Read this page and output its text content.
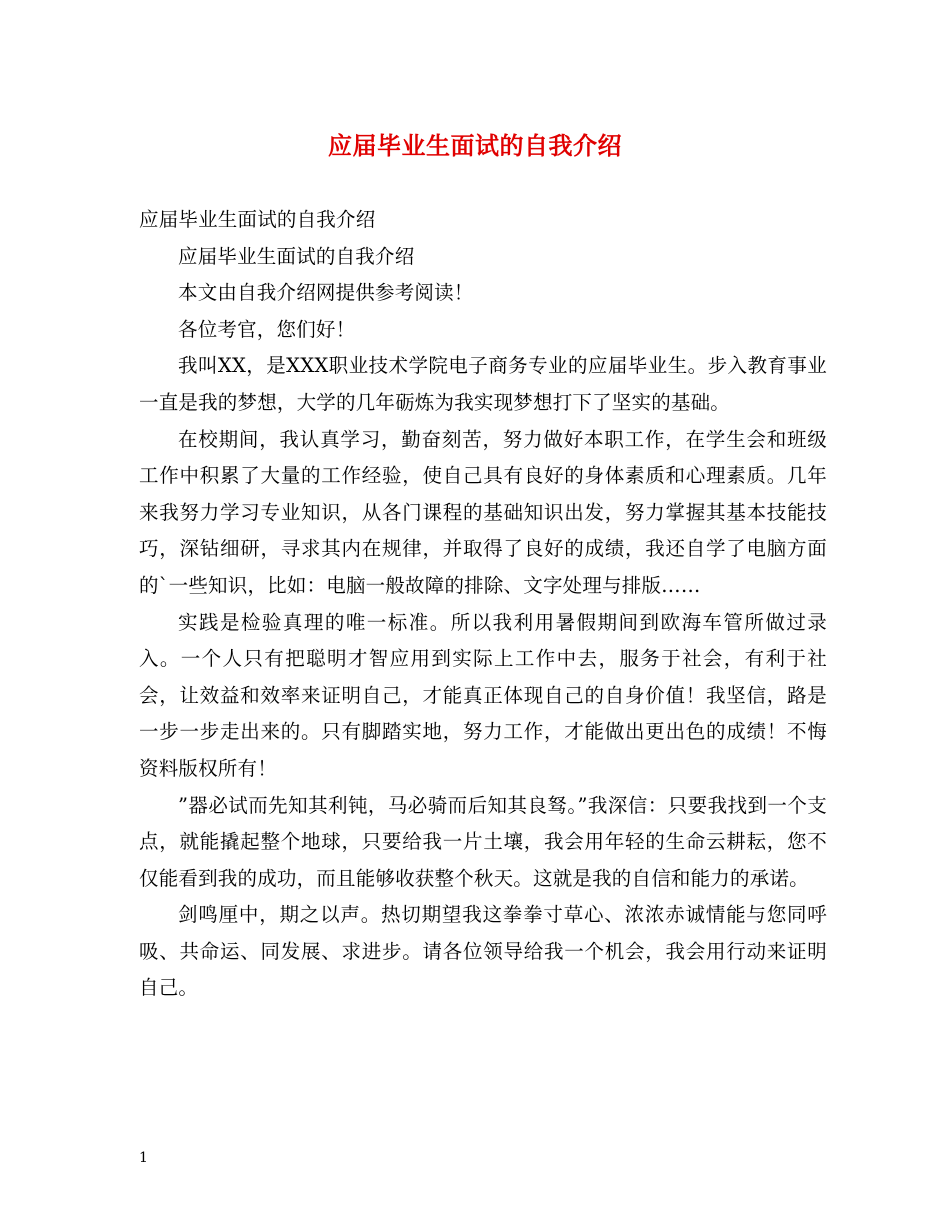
应届毕业生面试的自我介绍

应届毕业生面试的自我介绍

应届毕业生面试的自我介绍

本文由自我介绍网提供参考阅读！

各位考官，您们好！

我叫XX，是XXX职业技术学院电子商务专业的应届毕业生。步入教育事业一直是我的梦想，大学的几年砺炼为我实现梦想打下了坚实的基础。

在校期间，我认真学习，勤奋刻苦，努力做好本职工作，在学生会和班级工作中积累了大量的工作经验，使自己具有良好的身体素质和心理素质。几年来我努力学习专业知识，从各门课程的基础知识出发，努力掌握其基本技能技巧，深钻细研，寻求其内在规律，并取得了良好的成绩，我还自学了电脑方面的`一些知识，比如：电脑一般故障的排除、文字处理与排版……

实践是检验真理的唯一标准。所以我利用暑假期间到欧海车管所做过录入。一个人只有把聪明才智应用到实际上工作中去，服务于社会，有利于社会，让效益和效率来证明自己，才能真正体现自己的自身价值！我坚信，路是一步一步走出来的。只有脚踏实地，努力工作，才能做出更出色的成绩！不悔资料版权所有！

”器必试而先知其利钝，马必骑而后知其良驽。”我深信：只要我找到一个支点，就能撬起整个地球，只要给我一片土壤，我会用年轻的生命云耕耘，您不仅能看到我的成功，而且能够收获整个秋天。这就是我的自信和能力的承诺。

剑鸣厘中，期之以声。热切期望我这拳拳寸草心、浓浓赤诚情能与您同呼吸、共命运、同发展、求进步。请各位领导给我一个机会，我会用行动来证明自己。

1
